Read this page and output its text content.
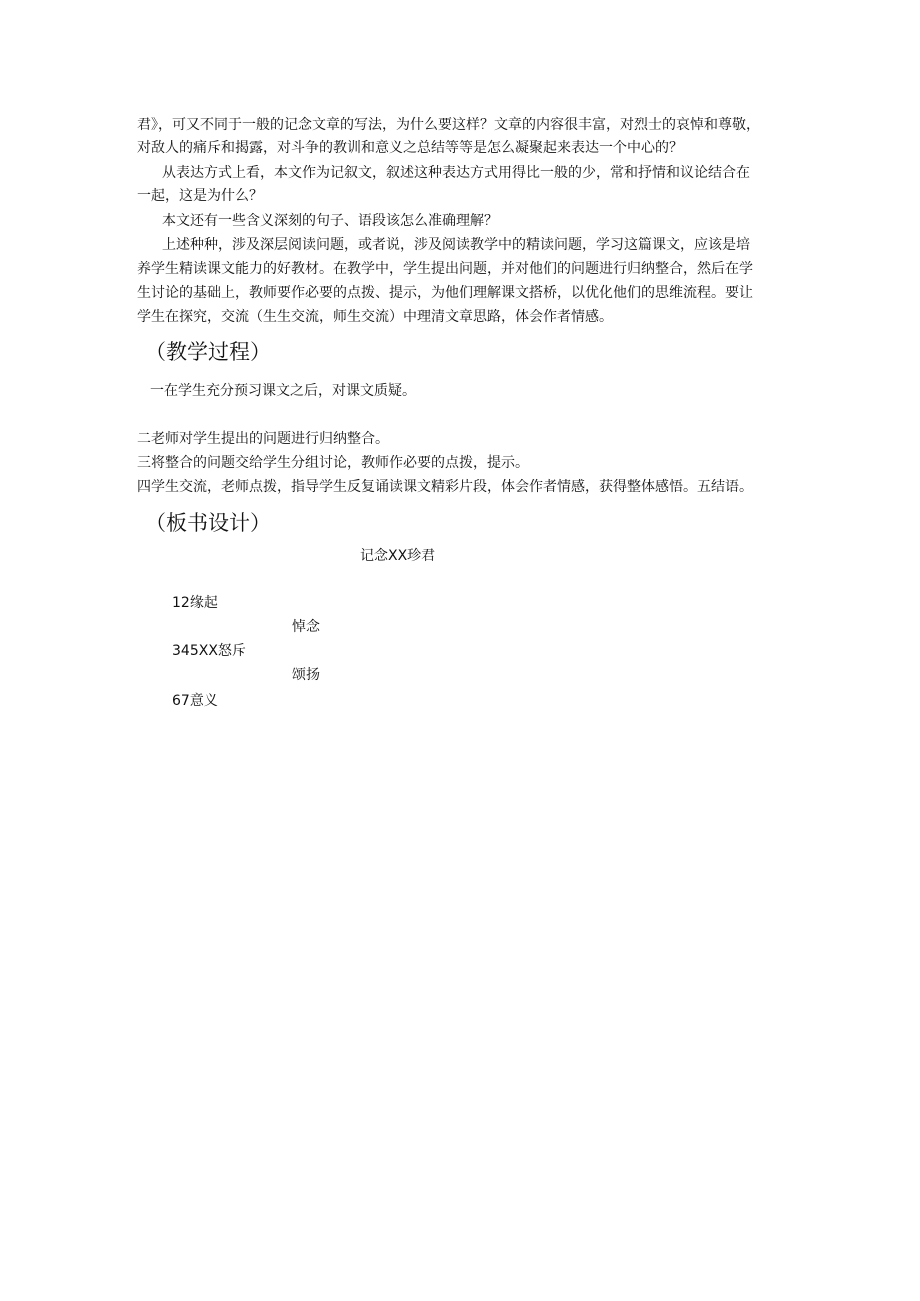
君》，可又不同于一般的记念文章的写法，为什么要这样？文章的内容很丰富，对烈士的哀悼和尊敬，
对敌人的痛斥和揭露，对斗争的教训和意义之总结等等是怎么凝聚起来表达一个中心的？
从表达方式上看，本文作为记叙文，叙述这种表达方式用得比一般的少，常和抒情和议论结合在
一起，这是为什么？
本文还有一些含义深刻的句子、语段该怎么准确理解？
上述种种，涉及深层阅读问题，或者说，涉及阅读教学中的精读问题，学习这篇课文，应该是培
养学生精读课文能力的好教材。在教学中，学生提出问题，并对他们的问题进行归纳整合，然后在学
生讨论的基础上，教师要作必要的点拨、提示，为他们理解课文搭桥，以优化他们的思维流程。要让
学生在探究，交流（生生交流，师生交流）中理清文章思路，体会作者情感。
（教学过程）
一在学生充分预习课文之后，对课文质疑。
二老师对学生提出的问题进行归纳整合。
三将整合的问题交给学生分组讨论，教师作必要的点拨，提示。
四学生交流，老师点拨，指导学生反复诵读课文精彩片段，体会作者情感，获得整体感悟。五结语。
（板书设计）
记念XX珍君
12缘起
悼念
345XX怒斥
颂扬
67意义
